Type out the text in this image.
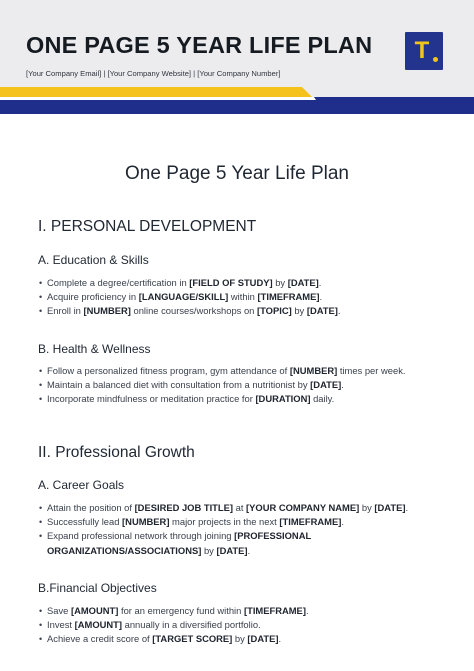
ONE PAGE 5 YEAR LIFE PLAN
[Your Company Email] | [Your Company Website] | [Your Company Number]
T
One Page 5 Year Life Plan
I. PERSONAL DEVELOPMENT
A. Education & Skills
• Complete a degree/certification in [FIELD OF STUDY] by [DATE].
• Acquire proficiency in [LANGUAGE/SKILL] within [TIMEFRAME].
• Enroll in [NUMBER] online courses/workshops on [TOPIC] by [DATE].
B. Health & Wellness
• Follow a personalized fitness program, gym attendance of [NUMBER] times per week.
• Maintain a balanced diet with consultation from a nutritionist by [DATE].
• Incorporate mindfulness or meditation practice for [DURATION] daily.
II. Professional Growth
A. Career Goals
• Attain the position of [DESIRED JOB TITLE] at [YOUR COMPANY NAME] by [DATE].
• Successfully lead [NUMBER] major projects in the next [TIMEFRAME].
• Expand professional network through joining [PROFESSIONAL ORGANIZATIONS/ASSOCIATIONS] by [DATE].
B.Financial Objectives
• Save [AMOUNT] for an emergency fund within [TIMEFRAME].
• Invest [AMOUNT] annually in a diversified portfolio.
• Achieve a credit score of [TARGET SCORE] by [DATE].
